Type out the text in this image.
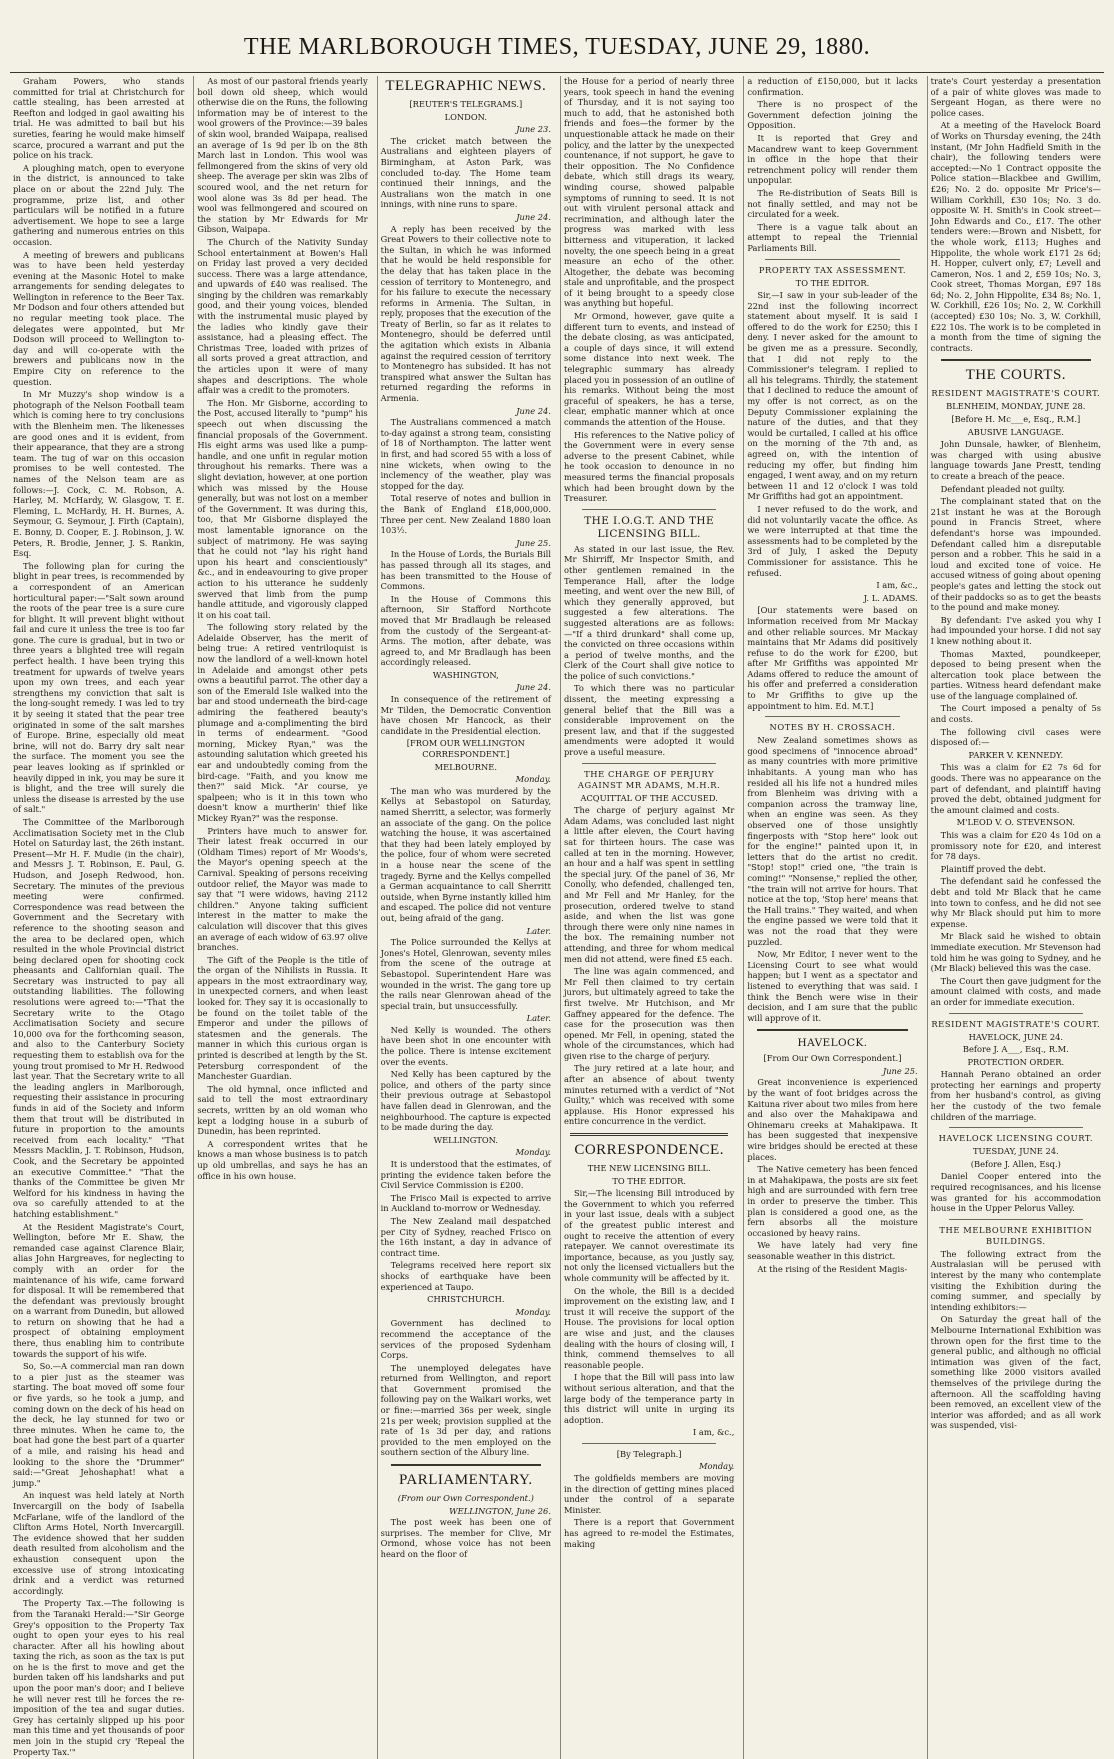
THE MARLBOROUGH TIMES, TUESDAY, JUNE 29, 1880.

Graham Powers, who stands committed for trial at Christchurch for cattle stealing, has been arrested at Reefton and lodged in gaol awaiting his trial. He was admitted to bail but his sureties, fearing he would make himself scarce, procured a warrant and put the police on his track.

A ploughing match, open to everyone in the district, is announced to take place on or about the 22nd July. The programme, prize list, and other particulars will be notified in a future advertisement. We hope to see a large gathering and numerous entries on this occasion.

A meeting of brewers and publicans was to have been held yesterday evening at the Masonic Hotel to make arrangements for sending delegates to Wellington in reference to the Beer Tax. Mr Dodson and four others attended but no regular meeting took place. The delegates were appointed, but Mr Dodson will proceed to Wellington to-day and will co-operate with the brewers and publicans now in the Empire City on reference to the question.

In Mr Muzzy's shop window is a photograph of the Nelson Football team which is coming here to try conclusions with the Blenheim men. The likenesses are good ones and it is evident, from their appearance, that they are a strong team. The tug of war on this occasion promises to be well contested. The names of the Nelson team are as follows:—J. Cock, C. M. Robson, A. Harley, M. McHardy, W. Glasgow, T. E. Fleming, L. McHardy, H. H. Burnes, A. Seymour, G. Seymour, J. Firth (Captain), E. Bonny, D. Cooper, E. J. Robinson, J. W. Peters, R. Brodie, Jenner, J. S. Rankin, Esq.

The following plan for curing the blight in pear trees, is recommended by a correspondent of an American horticultural paper:—"Salt sown around the roots of the pear tree is a sure cure for blight. It will prevent blight without fail and cure it unless the tree is too far gone. The cure is gradual, but in two or three years a blighted tree will regain perfect health. I have been trying this treatment for upwards of twelve years upon my own trees, and each year strengthens my conviction that salt is the long-sought remedy. I was led to try it by seeing it stated that the pear tree originated in some of the salt marshes of Europe. Brine, especially old meat brine, will not do. Barry dry salt near the surface. The moment you see the pear leaves looking as if sprinkled or heavily dipped in ink, you may be sure it is blight, and the tree will surely die unless the disease is arrested by the use of salt."

The Committee of the Marlborough Acclimatisation Society met in the Club Hotel on Saturday last, the 26th instant. Present—Mr H. F. Mudie (in the chair), and Messrs J. T. Robinson, E. Paul, G. Hudson, and Joseph Redwood, hon. Secretary. The minutes of the previous meeting were confirmed. Correspondence was read between the Government and the Secretary with reference to the shooting season and the area to be declared open, which resulted in the whole Provincial district being declared open for shooting cock pheasants and Californian quail. The Secretary was instructed to pay all outstanding liabilities. The following resolutions were agreed to:—"That the Secretary write to the Otago Acclimatisation Society and secure 10,000 ova for the forthcoming season, and also to the Canterbury Society requesting them to establish ova for the young trout promised to Mr H. Redwood last year. That the Secretary write to all the leading anglers in Marlborough, requesting their assistance in procuring funds in aid of the Society and inform them that trout will be distributed in future in proportion to the amounts received from each locality." "That Messrs Macklin, J. T. Robinson, Hudson, Cook, and the Secretary be appointed an executive Committee." "That the thanks of the Committee be given Mr Welford for his kindness in having the ova so carefully attended to at the hatching establishment."

At the Resident Magistrate's Court, Wellington, before Mr E. Shaw, the remanded case against Clarence Blair, alias John Hargreaves, for neglecting to comply with an order for the maintenance of his wife, came forward for disposal. It will be remembered that the defendant was previously brought on a warrant from Dunedin, but allowed to return on showing that he had a prospect of obtaining employment there, thus enabling him to contribute towards the support of his wife.

So, So.—A commercial man ran down to a pier just as the steamer was starting. The boat moved off some four or five yards, so he took a jump, and coming down on the deck of his head on the deck, he lay stunned for two or three minutes. When he came to, the boat had gone the best part of a quarter of a mile, and raising his head and looking to the shore the "Drummer" said:—"Great Jehoshaphat! what a jump."

An inquest was held lately at North Invercargill on the body of Isabella McFarlane, wife of the landlord of the Clifton Arms Hotel, North Invercargill. The evidence showed that her sudden death resulted from alcoholism and the exhaustion consequent upon the excessive use of strong intoxicating drink and a verdict was returned accordingly.

The Property Tax.—The following is from the Taranaki Herald:—"Sir George Grey's opposition to the Property Tax ought to open your eyes to his real character. After all his howling about taxing the rich, as soon as the tax is put on he is the first to move and get the burden taken off his landsharks and put upon the poor man's door; and I believe he will never rest till he forces the re-imposition of the tea and sugar duties. Grey has certainly slipped up his poor man this time and yet thousands of poor men join in the stupid cry 'Repeal the Property Tax.'"

As most of our pastoral friends yearly boil down old sheep, which would otherwise die on the Runs, the following information may be of interest to the wool growers of the Province:—39 bales of skin wool, branded Waipapa, realised an average of 1s 9d per lb on the 8th March last in London. This wool was fellmongered from the skins of very old sheep. The average per skin was 2lbs of scoured wool, and the net return for wool alone was 3s 8d per head. The wool was fellmongered and scoured on the station by Mr Edwards for Mr Gibson, Waipapa.

The Church of the Nativity Sunday School entertainment at Bowen's Hall on Friday last proved a very decided success. There was a large attendance, and upwards of £40 was realised. The singing by the children was remarkably good, and their young voices, blended with the instrumental music played by the ladies who kindly gave their assistance, had a pleasing effect. The Christmas Tree, loaded with prizes of all sorts proved a great attraction, and the articles upon it were of many shapes and descriptions. The whole affair was a credit to the promoters.

The Hon. Mr Gisborne, according to the Post, accused literally to "pump" his speech out when discussing the financial proposals of the Government. His eight arms was used like a pump-handle, and one unfit in regular motion throughout his remarks. There was a slight deviation, however, at one portion which was missed by the House generally, but was not lost on a member of the Government. It was during this, too, that Mr Gisborne displayed the most lamentable ignorance on the subject of matrimony. He was saying that he could not "lay his right hand upon his heart and conscientiously" &c., and in endeavouring to give proper action to his utterance he suddenly swerved that limb from the pump handle attitude, and vigorously clapped it on his coat tail.

The following story related by the Adelaide Observer, has the merit of being true: A retired ventriloquist is now the landlord of a well-known hotel in Adelaide and amongst other pets owns a beautiful parrot. The other day a son of the Emerald Isle walked into the bar and stood underneath the bird-cage admiring the feathered beauty's plumage and a-complimenting the bird in terms of endearment. "Good morning, Mickey Ryan," was the astounding salutation which greeted his ear and undoubtedly coming from the bird-cage. "Faith, and you know me then?" said Mick. "Ar course, ye spalpeen; who is it in this town who doesn't know a murtherin' thief like Mickey Ryan?" was the response.

Printers have much to answer for. Their latest freak occurred in our (Oldham Times) report of Mr Woods's, the Mayor's opening speech at the Carnival. Speaking of persons receiving outdoor relief, the Mayor was made to say that "I were widows, having 2112 children." Anyone taking sufficient interest in the matter to make the calculation will discover that this gives an average of each widow of 63.97 olive branches.

The Gift of the People is the title of the organ of the Nihilists in Russia. It appears in the most extraordinary way, in unexpected corners, and when least looked for. They say it is occasionally to be found on the toilet table of the Emperor and under the pillows of statesmen and the generals. The manner in which this curious organ is printed is described at length by the St. Petersburg correspondent of the Manchester Guardian.

The old hymnal, once inflicted and said to tell the most extraordinary secrets, written by an old woman who kept a lodging house in a suburb of Dunedin, has been reprinted.

A correspondent writes that he knows a man whose business is to patch up old umbrellas, and says he has an office in his own house.

TELEGRAPHIC NEWS.
[REUTER'S TELEGRAMS.]
LONDON.
June 23.

The cricket match between the Australians and eighteen players of Birmingham, at Aston Park, was concluded to-day. The Home team continued their innings, and the Australians won the match in one innings, with nine runs to spare.

June 24.

A reply has been received by the Great Powers to their collective note to the Sultan, in which he was informed that he would be held responsible for the delay that has taken place in the cession of territory to Montenegro, and for his failure to execute the necessary reforms in Armenia. The Sultan, in reply, proposes that the execution of the Treaty of Berlin, so far as it relates to Montenegro, should be deferred until the agitation which exists in Albania against the required cession of territory to Montenegro has subsided. It has not transpired what answer the Sultan has returned regarding the reforms in Armenia.

June 24.

The Australians commenced a match to-day against a strong team, consisting of 18 of Northampton. The latter went in first, and had scored 55 with a loss of nine wickets, when owing to the inclemency of the weather, play was stopped for the day.

Total reserve of notes and bullion in the Bank of England £18,000,000. Three per cent. New Zealand 1880 loan 103½.

June 25.

In the House of Lords, the Burials Bill has passed through all its stages, and has been transmitted to the House of Commons.

In the House of Commons this afternoon, Sir Stafford Northcote moved that Mr Bradlaugh be released from the custody of the Sergeant-at-Arms. The motion, after debate, was agreed to, and Mr Bradlaugh has been accordingly released.

WASHINGTON,
June 24.

In consequence of the retirement of Mr Tilden, the Democratic Convention have chosen Mr Hancock, as their candidate in the Presidential election.

[FROM OUR WELLINGTON CORRESPONDENT.]
MELBOURNE.
Monday.

The man who was murdered by the Kellys at Sebastopol on Saturday, named Sherritt, a selector, was formerly an associate of the gang. On the police watching the house, it was ascertained that they had been lately employed by the police, four of whom were secreted in a house near the scene of the tragedy. Byrne and the Kellys compelled a German acquaintance to call Sherritt outside, when Byrne instantly killed him and escaped. The police did not venture out, being afraid of the gang.

Later.

The Police surrounded the Kellys at Jones's Hotel, Glenrowan, seventy miles from the scene of the outrage at Sebastopol. Superintendent Hare was wounded in the wrist. The gang tore up the rails near Glenrowan ahead of the special train, but unsuccessfully.

Later.

Ned Kelly is wounded. The others have been shot in one encounter with the police. There is intense excitement over the events.

Ned Kelly has been captured by the police, and others of the party since their previous outrage at Sebastopol have fallen dead in Glenrowan, and the neighbourhood. The capture is expected to be made during the day.

WELLINGTON.
Monday.

It is understood that the estimates, of printing the evidence taken before the Civil Service Commission is £200.

The Frisco Mail is expected to arrive in Auckland to-morrow or Wednesday.

The New Zealand mail despatched per City of Sydney, reached Frisco on the 16th instant, a day in advance of contract time.

Telegrams received here report six shocks of earthquake have been experienced at Taupo.

CHRISTCHURCH.
Monday.

Government has declined to recommend the acceptance of the services of the proposed Sydenham Corps.

The unemployed delegates have returned from Wellington, and report that Government promised the following pay on the Waikari works, wet or fine:—married 36s per week, single 21s per week; provision supplied at the rate of 1s 3d per day, and rations provided to the men employed on the southern section of the Albury line.

PARLIAMENTARY.
(From our Own Correspondent.)
WELLINGTON, June 26.

The post week has been one of surprises. The member for Clive, Mr Ormond, whose voice has not been heard on the floor of

the House for a period of nearly three years, took speech in hand the evening of Thursday, and it is not saying too much to add, that he astonished both friends and foes—the former by the unquestionable attack he made on their policy, and the latter by the unexpected countenance, if not support, he gave to their opposition. The No Confidence debate, which still drags its weary, winding course, showed palpable symptoms of running to seed. It is not out with virulent personal attack and recrimination, and although later the progress was marked with less bitterness and vituperation, it lacked novelty, the one speech being in a great measure an echo of the other. Altogether, the debate was becoming stale and unprofitable, and the prospect of it being brought to a speedy close was anything but hopeful.

Mr Ormond, however, gave quite a different turn to events, and instead of the debate closing, as was anticipated, a couple of days since, it will extend some distance into next week. The telegraphic summary has already placed you in possession of an outline of his remarks. Without being the most graceful of speakers, he has a terse, clear, emphatic manner which at once commands the attention of the House.

His references to the Native policy of the Government were in every sense adverse to the present Cabinet, while he took occasion to denounce in no measured terms the financial proposals which had been brought down by the Treasurer.

THE I.O.G.T. AND THE LICENSING BILL.

As stated in our last issue, the Rev. Mr Shirriff, Mr Inspector Smith, and other gentlemen remained in the Temperance Hall, after the lodge meeting, and went over the new Bill, of which they generally approved, but suggested a few alterations. The suggested alterations are as follows:—"If a third drunkard" shall come up, the convicted on three occasions within a period of twelve months, and the Clerk of the Court shall give notice to the police of such convictions."

To which there was no particular dissent, the meeting expressing a general belief that the Bill was a considerable improvement on the present law, and that if the suggested amendments were adopted it would prove a useful measure.

THE CHARGE OF PERJURY AGAINST MR ADAMS, M.H.R.
ACQUITTAL OF THE ACCUSED.

The charge of perjury against Mr Adam Adams, was concluded last night a little after eleven, the Court having sat for thirteen hours. The case was called at ten in the morning. However, an hour and a half was spent in settling the special jury. Of the panel of 36, Mr Conolly, who defended, challenged ten, and Mr Fell and Mr Hanley, for the prosecution, ordered twelve to stand aside, and when the list was gone through there were only nine names in the box. The remaining number not attending, and three for whom medical men did not attend, were fined £5 each.

The line was again commenced, and Mr Fell then claimed to try certain jurors, but ultimately agreed to take the first twelve. Mr Hutchison, and Mr Gaffney appeared for the defence. The case for the prosecution was then opened. Mr Fell, in opening, stated the whole of the circumstances, which had given rise to the charge of perjury.

The jury retired at a late hour, and after an absence of about twenty minutes returned with a verdict of "Not Guilty," which was received with some applause. His Honor expressed his entire concurrence in the verdict.

CORRESPONDENCE.
THE NEW LICENSING BILL.
TO THE EDITOR.

Sir,—The licensing Bill introduced by the Government to which you referred in your last issue, deals with a subject of the greatest public interest and ought to receive the attention of every ratepayer. We cannot overestimate its importance, because, as you justly say, not only the licensed victuallers but the whole community will be affected by it.

On the whole, the Bill is a decided improvement on the existing law, and I trust it will receive the support of the House. The provisions for local option are wise and just, and the clauses dealing with the hours of closing will, I think, commend themselves to all reasonable people.

I hope that the Bill will pass into law without serious alteration, and that the large body of the temperance party in this district will unite in urging its adoption.

I am, &c.,
[By Telegraph.]
Monday.

The goldfields members are moving in the direction of getting mines placed under the control of a separate Minister.

There is a report that Government has agreed to re-model the Estimates, making

a reduction of £150,000, but it lacks confirmation.

There is no prospect of the Government defection joining the Opposition.

It is reported that Grey and Macandrew want to keep Government in office in the hope that their retrenchment policy will render them unpopular.

The Re-distribution of Seats Bill is not finally settled, and may not be circulated for a week.

There is a vague talk about an attempt to repeal the Triennial Parliaments Bill.

PROPERTY TAX ASSESSMENT.
TO THE EDITOR.

Sir,—I saw in your sub-leader of the 22nd inst the following incorrect statement about myself. It is said I offered to do the work for £250; this I deny. I never asked for the amount to be given me as a pressure. Secondly, that I did not reply to the Commissioner's telegram. I replied to all his telegrams. Thirdly, the statement that I declined to reduce the amount of my offer is not correct, as on the Deputy Commissioner explaining the nature of the duties, and that they would be curtailed, I called at his office on the morning of the 7th and, as agreed on, with the intention of reducing my offer, but finding him engaged, I went away, and on my return between 11 and 12 o'clock I was told Mr Griffiths had got an appointment.

I never refused to do the work, and did not voluntarily vacate the office. As we were interrupted at that time the assessments had to be completed by the 3rd of July, I asked the Deputy Commissioner for assistance. This he refused.

I am, &c.,
J. L. ADAMS.

[Our statements were based on information received from Mr Mackay and other reliable sources. Mr Mackay maintains that Mr Adams did positively refuse to do the work for £200, but after Mr Griffiths was appointed Mr Adams offered to reduce the amount of his offer and preferred a consideration to Mr Griffiths to give up the appointment to him. Ed. M.T.]

NOTES BY H. CROSSACH.

New Zealand sometimes shows as good specimens of "innocence abroad" as many countries with more primitive inhabitants. A young man who has resided all his life not a hundred miles from Blenheim was driving with a companion across the tramway line, when an engine was seen. As they observed one of those unsightly fingerposts with "Stop here" look out for the engine!" painted upon it, in letters that do the artist no credit. "Stop! stop!" cried one, "the train is coming!" "Nonsense," replied the other, "the train will not arrive for hours. That notice at the top, 'Stop here' means that the Hall trains." They waited, and when the engine passed we were told that it was not the road that they were puzzled.

Now, Mr Editor, I never went to the Licensing Court to see what would happen; but I went as a spectator and listened to everything that was said. I think the Bench were wise in their decision, and I am sure that the public will approve of it.

HAVELOCK.
[From Our Own Correspondent.]
June 25.

Great inconvenience is experienced by the want of foot bridges across the Kaituna river about two miles from here and also over the Mahakipawa and Ohinemaru creeks at Mahakipawa. It has been suggested that inexpensive wire bridges should be erected at these places.

The Native cemetery has been fenced in at Mahakipawa, the posts are six feet high and are surrounded with fern tree in order to preserve the timber. This plan is considered a good one, as the fern absorbs all the moisture occasioned by heavy rains.

We have lately had very fine seasonable weather in this district.

At the rising of the Resident Magis-

trate's Court yesterday a presentation of a pair of white gloves was made to Sergeant Hogan, as there were no police cases.

At a meeting of the Havelock Board of Works on Thursday evening, the 24th instant, (Mr John Hadfield Smith in the chair), the following tenders were accepted:—No 1 Contract opposite the Police station—Blackbee and Gwillim, £26; No. 2 do. opposite Mr Price's—William Corkhill, £30 10s; No. 3 do. opposite W. H. Smith's in Cook street—John Edwards and Co., £17. The other tenders were:—Brown and Nisbett, for the whole work, £113; Hughes and Hippolite, the whole work £171 2s 6d; H. Hopper, culvert only, £7; Levell and Cameron, Nos. 1 and 2, £59 10s; No. 3, Cook street, Thomas Morgan, £97 18s 6d; No. 2, John Hippolite, £34 8s; No. 1, W. Corkhill, £26 10s; No. 2, W. Corkhill (accepted) £30 10s; No. 3, W. Corkhill, £22 10s. The work is to be completed in a month from the time of signing the contracts.

THE COURTS.
RESIDENT MAGISTRATE'S COURT.
BLENHEIM, MONDAY, JUNE 28.
[Before H. Mc___e, Esq., R.M.]
ABUSIVE LANGUAGE.

John Dunsale, hawker, of Blenheim, was charged with using abusive language towards Jane Prestt, tending to create a breach of the peace.

Defendant pleaded not guilty.

The complainant stated that on the 21st instant he was at the Borough pound in Francis Street, where defendant's horse was impounded. Defendant called him a disreputable person and a robber. This he said in a loud and excited tone of voice. He accused witness of going about opening people's gates and letting the stock out of their paddocks so as to get the beasts to the pound and make money.

By defendant: I've asked you why I had impounded your horse. I did not say I knew nothing about it.

Thomas Maxted, poundkeeper, deposed to being present when the altercation took place between the parties. Witness heard defendant make use of the language complained of.

The Court imposed a penalty of 5s and costs.

The following civil cases were disposed of:—

PARKER V. KENNEDY.

This was a claim for £2 7s 6d for goods. There was no appearance on the part of defendant, and plaintiff having proved the debt, obtained judgment for the amount claimed and costs.

M'LEOD V. O. STEVENSON.

This was a claim for £20 4s 10d on a promissory note for £20, and interest for 78 days.

Plaintiff proved the debt.

The defendant said he confessed the debt and told Mr Black that he came into town to confess, and he did not see why Mr Black should put him to more expense.

Mr Black said he wished to obtain immediate execution. Mr Stevenson had told him he was going to Sydney, and he (Mr Black) believed this was the case.

The Court then gave judgment for the amount claimed with costs, and made an order for immediate execution.

RESIDENT MAGISTRATE'S COURT.
HAVELOCK, JUNE 24.
Before J. A___, Esq., R.M.
PROTECTION ORDER.

Hannah Perano obtained an order protecting her earnings and property from her husband's control, as giving her the custody of the two female children of the marriage.

HAVELOCK LICENSING COURT.
TUESDAY, JUNE 24.
(Before J. Allen, Esq.)

Daniel Cooper entered into the required recognisances, and his license was granted for his accommodation house in the Upper Pelorus Valley.

THE MELBOURNE EXHIBITION BUILDINGS.

The following extract from the Australasian will be perused with interest by the many who contemplate visiting the Exhibition during the coming summer, and specially by intending exhibitors:—

On Saturday the great hall of the Melbourne International Exhibition was thrown open for the first time to the general public, and although no official intimation was given of the fact, something like 2000 visitors availed themselves of the privilege during the afternoon. All the scaffolding having been removed, an excellent view of the interior was afforded; and as all work was suspended, visi-
